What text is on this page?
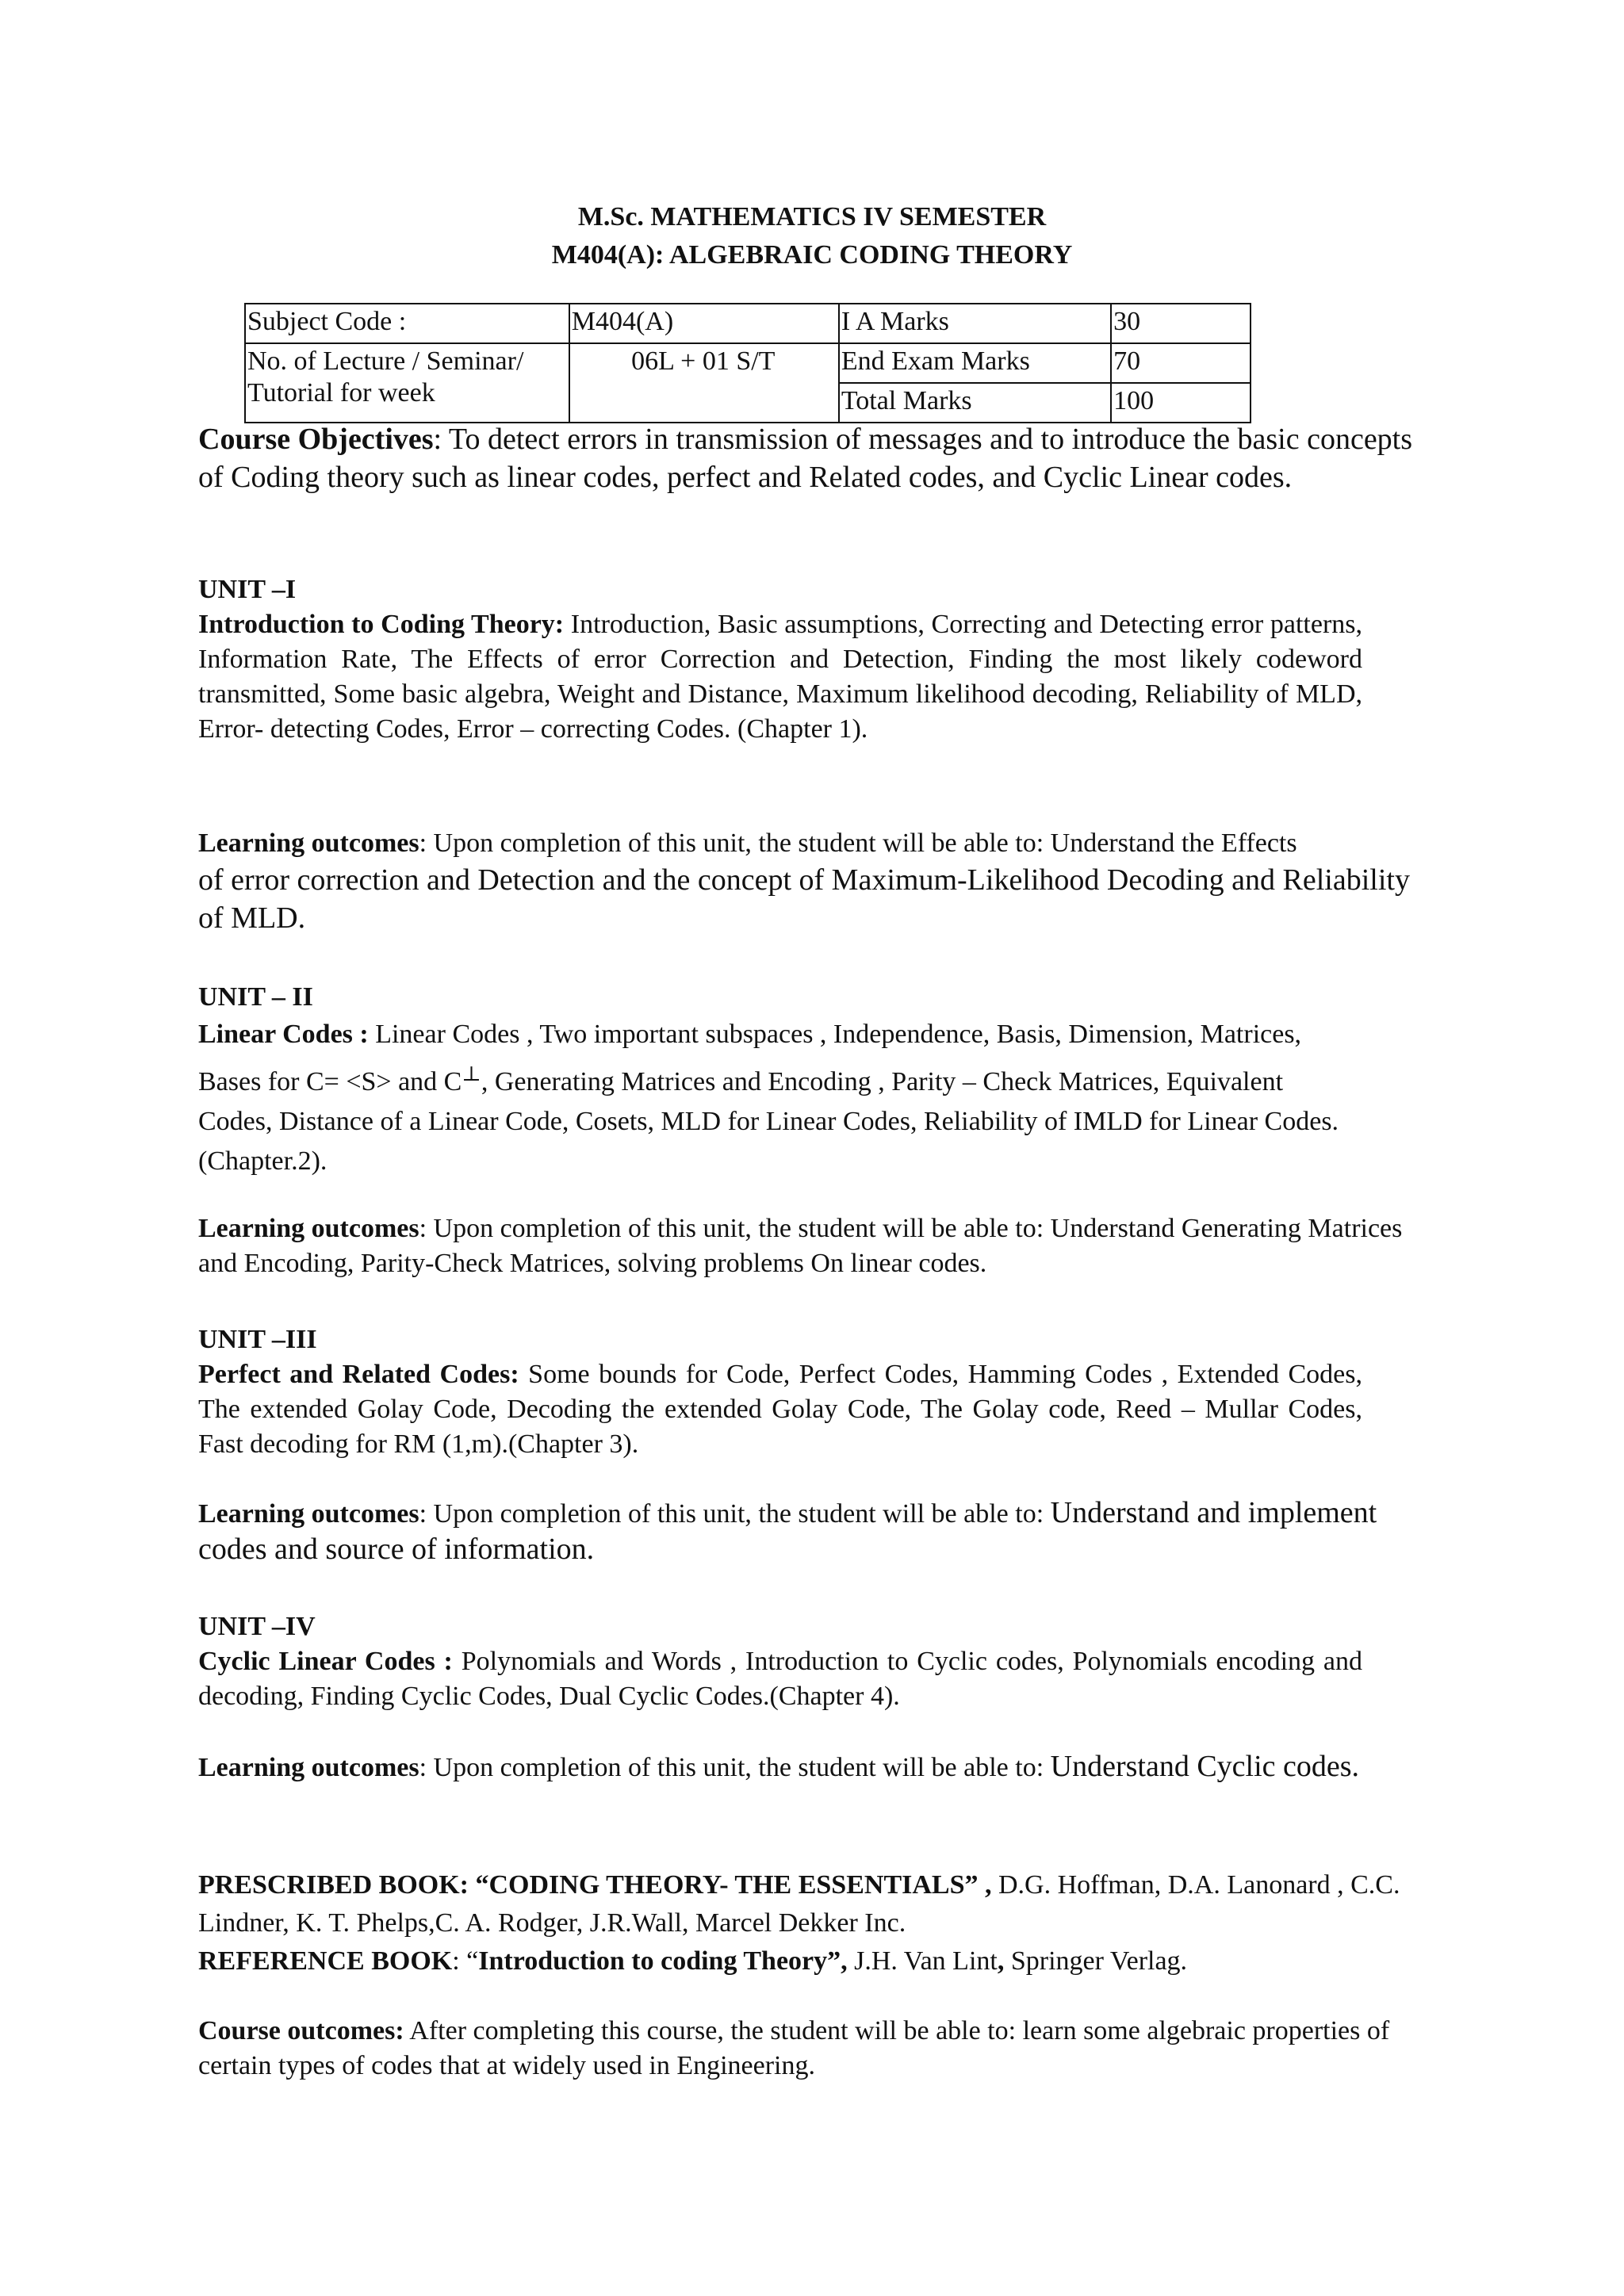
M.Sc. MATHEMATICS IV SEMESTER
M404(A): ALGEBRAIC CODING THEORY
Subject Code :	M404(A)	I A Marks	30
No. of Lecture / Seminar/ Tutorial for week	06L + 01 S/T	End Exam Marks	70
		Total Marks	100
Course Objectives: To detect errors in transmission of messages and to introduce the basic concepts of Coding theory such as linear codes, perfect and Related codes, and Cyclic Linear codes.
UNIT –I
Introduction to Coding Theory: Introduction, Basic assumptions, Correcting and Detecting error patterns, Information Rate, The Effects of error Correction and Detection, Finding the most likely codeword transmitted, Some basic algebra, Weight and Distance, Maximum likelihood decoding, Reliability of MLD, Error- detecting Codes, Error – correcting Codes. (Chapter 1).
Learning outcomes: Upon completion of this unit, the student will be able to: Understand the Effects
of error correction and Detection and the concept of Maximum-Likelihood Decoding and Reliability of MLD.
UNIT – II
Linear Codes : Linear Codes , Two important subspaces , Independence, Basis, Dimension, Matrices, Bases for C= <S> and C⊥, Generating Matrices and Encoding , Parity – Check Matrices, Equivalent Codes, Distance of a Linear Code, Cosets, MLD for Linear Codes, Reliability of IMLD for Linear Codes. (Chapter.2).
Learning outcomes: Upon completion of this unit, the student will be able to: Understand Generating Matrices and Encoding, Parity-Check Matrices, solving problems On linear codes.
UNIT –III
Perfect and Related Codes: Some bounds for Code, Perfect Codes, Hamming Codes , Extended Codes, The extended Golay Code, Decoding the extended Golay Code, The Golay code, Reed – Mullar Codes, Fast decoding for RM (1,m).(Chapter 3).
Learning outcomes: Upon completion of this unit, the student will be able to: Understand and implement codes and source of information.
UNIT –IV
Cyclic Linear Codes : Polynomials and Words , Introduction to Cyclic codes, Polynomials encoding and decoding, Finding Cyclic Codes, Dual Cyclic Codes.(Chapter 4).
Learning outcomes: Upon completion of this unit, the student will be able to: Understand Cyclic codes.
PRESCRIBED BOOK: “CODING THEORY- THE ESSENTIALS” , D.G. Hoffman, D.A. Lanonard , C.C. Lindner, K. T. Phelps,C. A. Rodger, J.R.Wall, Marcel Dekker Inc.
REFERENCE BOOK: “Introduction to coding Theory”, J.H. Van Lint, Springer Verlag.
Course outcomes: After completing this course, the student will be able to: learn some algebraic properties of certain types of codes that at widely used in Engineering.
